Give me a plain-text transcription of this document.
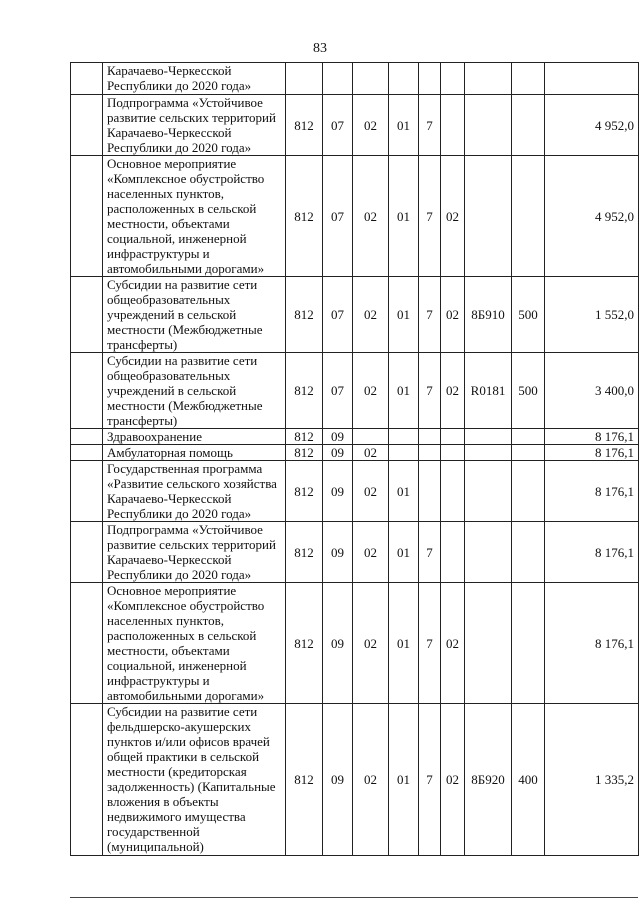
83
	Карачаево-Черкесской Республики до 2020 года»									
	Подпрограмма «Устойчивое развитие сельских территорий Карачаево-Черкесской Республики до 2020 года»	812	07	02	01	7				4 952,0
	Основное мероприятие «Комплексное обустройство населенных пунктов, расположенных в сельской местности, объектами социальной, инженерной инфраструктуры и автомобильными дорогами»	812	07	02	01	7	02			4 952,0
	Субсидии на развитие сети общеобразовательных учреждений в сельской местности (Межбюджетные трансферты)	812	07	02	01	7	02	8Б910	500	1 552,0
	Субсидии на развитие сети общеобразовательных учреждений в сельской местности (Межбюджетные трансферты)	812	07	02	01	7	02	R0181	500	3 400,0
	Здравоохранение	812	09							8 176,1
	Амбулаторная помощь	812	09	02						8 176,1
	Государственная программа «Развитие сельского хозяйства Карачаево-Черкесской Республики до 2020 года»	812	09	02	01					8 176,1
	Подпрограмма «Устойчивое развитие сельских территорий Карачаево-Черкесской Республики до 2020 года»	812	09	02	01	7				8 176,1
	Основное мероприятие «Комплексное обустройство населенных пунктов, расположенных в сельской местности, объектами социальной, инженерной инфраструктуры и автомобильными дорогами»	812	09	02	01	7	02			8 176,1
	Субсидии на развитие сети фельдшерско-акушерских пунктов и/или офисов врачей общей практики в сельской местности (кредиторская задолженность) (Капитальные вложения в объекты недвижимого имущества государственной (муниципальной)	812	09	02	01	7	02	8Б920	400	1 335,2
